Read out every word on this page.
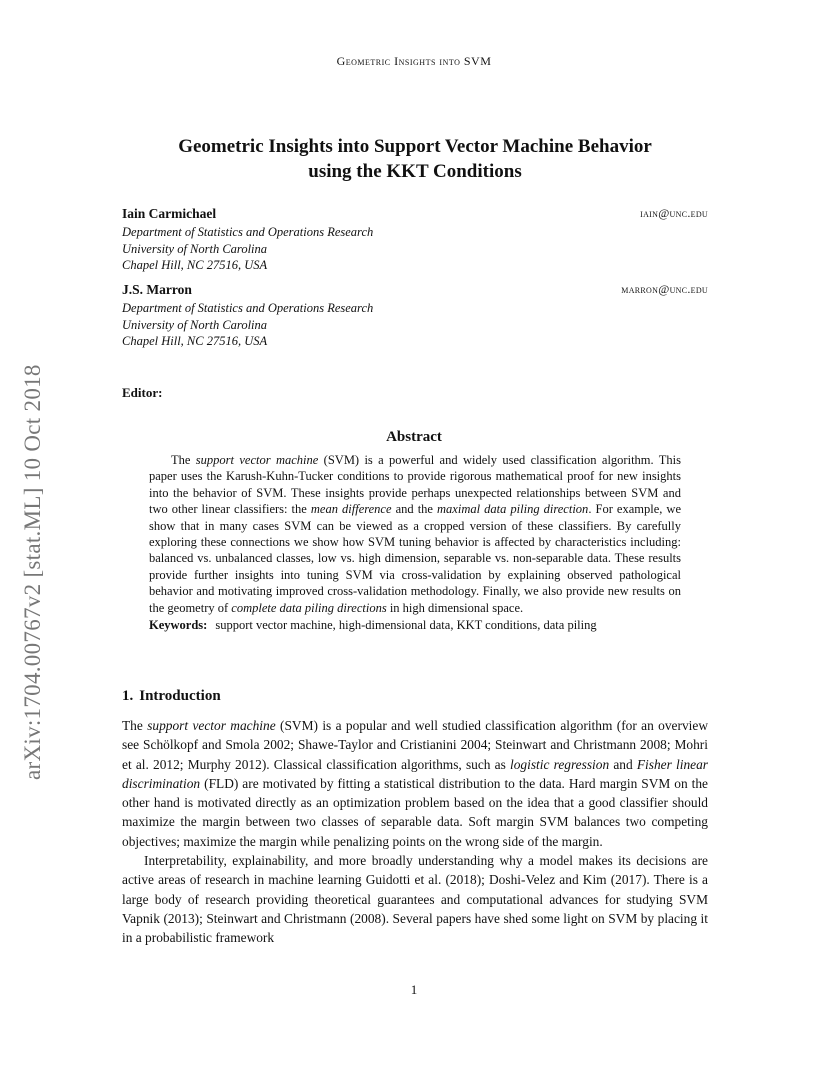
Geometric Insights into SVM
arXiv:1704.00767v2 [stat.ML] 10 Oct 2018
Geometric Insights into Support Vector Machine Behavior
using the KKT Conditions
Iain Carmichael	iain@unc.edu
Department of Statistics and Operations Research
University of North Carolina
Chapel Hill, NC 27516, USA
J.S. Marron	marron@unc.edu
Department of Statistics and Operations Research
University of North Carolina
Chapel Hill, NC 27516, USA
Editor:
Abstract

The support vector machine (SVM) is a powerful and widely used classification algorithm. This paper uses the Karush-Kuhn-Tucker conditions to provide rigorous mathematical proof for new insights into the behavior of SVM. These insights provide perhaps unexpected relationships between SVM and two other linear classifiers: the mean difference and the maximal data piling direction. For example, we show that in many cases SVM can be viewed as a cropped version of these classifiers. By carefully exploring these connections we show how SVM tuning behavior is affected by characteristics including: balanced vs. unbalanced classes, low vs. high dimension, separable vs. non-separable data. These results provide further insights into tuning SVM via cross-validation by explaining observed pathological behavior and motivating improved cross-validation methodology. Finally, we also provide new results on the geometry of complete data piling directions in high dimensional space.

Keywords: support vector machine, high-dimensional data, KKT conditions, data piling
1. Introduction

The support vector machine (SVM) is a popular and well studied classification algorithm (for an overview see Schölkopf and Smola 2002; Shawe-Taylor and Cristianini 2004; Steinwart and Christmann 2008; Mohri et al. 2012; Murphy 2012). Classical classification algorithms, such as logistic regression and Fisher linear discrimination (FLD) are motivated by fitting a statistical distribution to the data. Hard margin SVM on the other hand is motivated directly as an optimization problem based on the idea that a good classifier should maximize the margin between two classes of separable data. Soft margin SVM balances two competing objectives; maximize the margin while penalizing points on the wrong side of the margin.

Interpretability, explainability, and more broadly understanding why a model makes its decisions are active areas of research in machine learning Guidotti et al. (2018); Doshi-Velez and Kim (2017). There is a large body of research providing theoretical guarantees and computational advances for studying SVM Vapnik (2013); Steinwart and Christmann (2008). Several papers have shed some light on SVM by placing it in a probabilistic framework

1
